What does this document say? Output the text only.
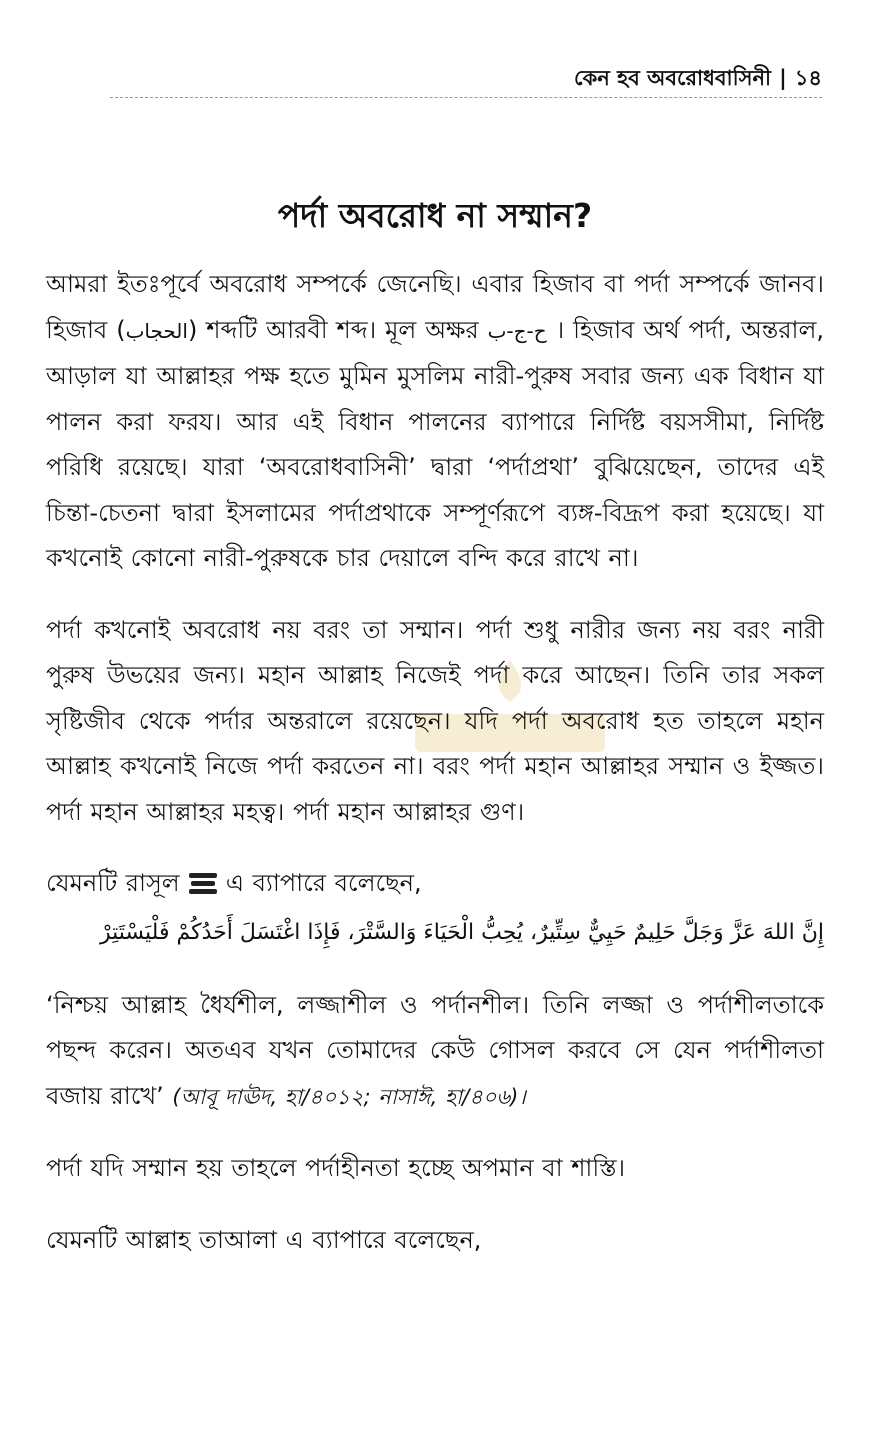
কেন হব অবরোধবাসিনী | ১৪
পর্দা অবরোধ না সম্মান?

আমরা ইতঃপূর্বে অবরোধ সম্পর্কে জেনেছি। এবার হিজাব বা পর্দা সম্পর্কে জানব। হিজাব (الحجاب) শব্দটি আরবী শব্দ। মূল অক্ষর ح-ج-ب । হিজাব অর্থ পর্দা, অন্তরাল, আড়াল যা আল্লাহর পক্ষ হতে মুমিন মুসলিম নারী-পুরুষ সবার জন্য এক বিধান যা পালন করা ফরয। আর এই বিধান পালনের ব্যাপারে নির্দিষ্ট বয়সসীমা, নির্দিষ্ট পরিধি রয়েছে। যারা ‘অবরোধবাসিনী’ দ্বারা ‘পর্দাপ্রথা’ বুঝিয়েছেন, তাদের এই চিন্তা-চেতনা দ্বারা ইসলামের পর্দাপ্রথাকে সম্পূর্ণরূপে ব্যঙ্গ-বিদ্রূপ করা হয়েছে। যা কখনোই কোনো নারী-পুরুষকে চার দেয়ালে বন্দি করে রাখে না।

পর্দা কখনোই অবরোধ নয় বরং তা সম্মান। পর্দা শুধু নারীর জন্য নয় বরং নারী পুরুষ উভয়ের জন্য। মহান আল্লাহ নিজেই পর্দা করে আছেন। তিনি তার সকল সৃষ্টিজীব থেকে পর্দার অন্তরালে রয়েছেন। যদি পর্দা অবরোধ হত তাহলে মহান আল্লাহ কখনোই নিজে পর্দা করতেন না। বরং পর্দা মহান আল্লাহর সম্মান ও ইজ্জত। পর্দা মহান আল্লাহর মহত্ব। পর্দা মহান আল্লাহর গুণ।

যেমনটি রাসূল এ ব্যাপারে বলেছেন,

إِنَّ اللهَ عَزَّ وَجَلَّ حَلِيمٌ حَيِيٌّ سِتِّيرٌ، يُحِبُّ الْحَيَاءَ وَالسَّتْرَ، فَإِذَا اغْتَسَلَ أَحَدُكُمْ فَلْيَسْتَتِرْ

‘নিশ্চয় আল্লাহ ধৈর্যশীল, লজ্জাশীল ও পর্দানশীল। তিনি লজ্জা ও পর্দাশীলতাকে পছন্দ করেন। অতএব যখন তোমাদের কেউ গোসল করবে সে যেন পর্দাশীলতা বজায় রাখে’ (আবূ দাঊদ, হা/৪০১২; নাসাঈ, হা/৪০৬)।

পর্দা যদি সম্মান হয় তাহলে পর্দাহীনতা হচ্ছে অপমান বা শাস্তি।

যেমনটি আল্লাহ তাআলা এ ব্যাপারে বলেছেন,
